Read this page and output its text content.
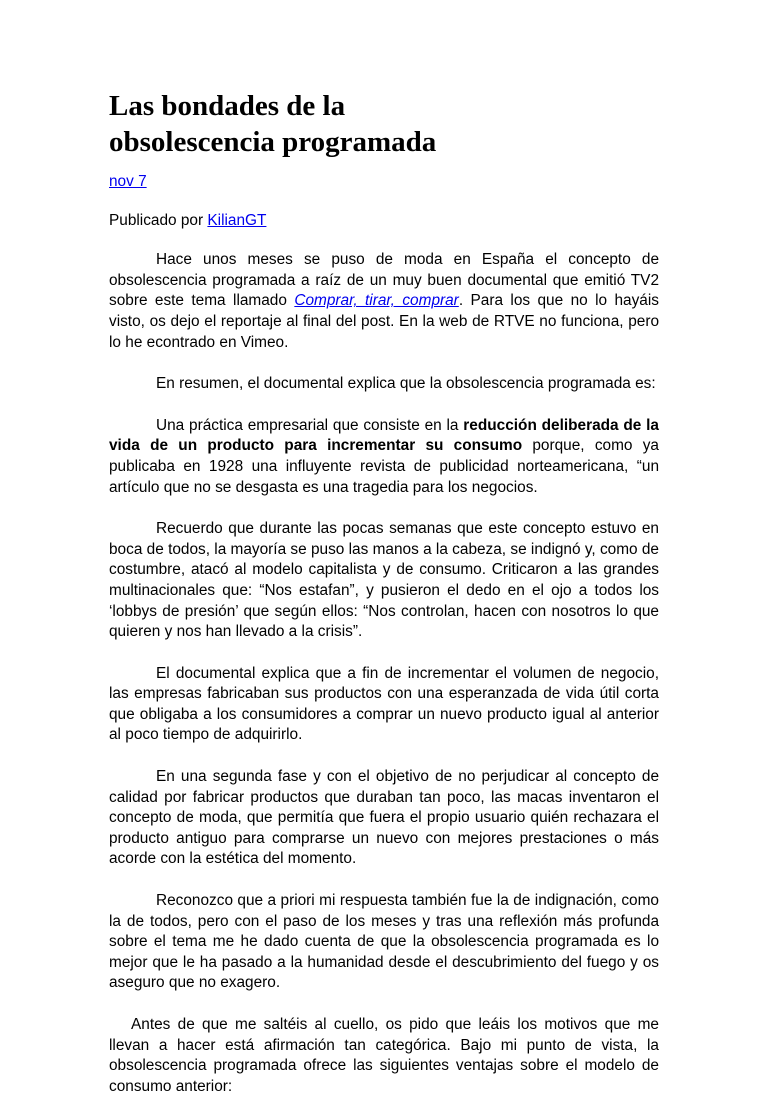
Las bondades de la
obsolescencia programada

nov 7

Publicado por KilianGT

Hace unos meses se puso de moda en España el concepto de obsolescencia programada a raíz de un muy buen documental que emitió TV2 sobre este tema llamado Comprar, tirar, comprar. Para los que no lo hayáis visto, os dejo el reportaje al final del post. En la web de RTVE no funciona, pero lo he econtrado en Vimeo.

En resumen, el documental explica que la obsolescencia programada es:

Una práctica empresarial que consiste en la reducción deliberada de la vida de un producto para incrementar su consumo porque, como ya publicaba en 1928 una influyente revista de publicidad norteamericana, “un artículo que no se desgasta es una tragedia para los negocios.

Recuerdo que durante las pocas semanas que este concepto estuvo en boca de todos, la mayoría se puso las manos a la cabeza, se indignó y, como de costumbre, atacó al modelo capitalista y de consumo. Criticaron a las grandes multinacionales que: “Nos estafan”, y pusieron el dedo en el ojo a todos los ‘lobbys de presión’ que según ellos: “Nos controlan, hacen con nosotros lo que quieren y nos han llevado a la crisis”.

El documental explica que a fin de incrementar el volumen de negocio, las empresas fabricaban sus productos con una esperanzada de vida útil corta que obligaba a los consumidores a comprar un nuevo producto igual al anterior al poco tiempo de adquirirlo.

En una segunda fase y con el objetivo de no perjudicar al concepto de calidad por fabricar productos que duraban tan poco, las macas inventaron el concepto de moda, que permitía que fuera el propio usuario quién rechazara el producto antiguo para comprarse un nuevo con mejores prestaciones o más acorde con la estética del momento.

Reconozco que a priori mi respuesta también fue la de indignación, como la de todos, pero con el paso de los meses y tras una reflexión más profunda sobre el tema me he dado cuenta de que la obsolescencia programada es lo mejor que le ha pasado a la humanidad desde el descubrimiento del fuego y os aseguro que no exagero.

Antes de que me saltéis al cuello, os pido que leáis los motivos que me llevan a hacer está afirmación tan categórica. Bajo mi punto de vista, la obsolescencia programada ofrece las siguientes ventajas sobre el modelo de consumo anterior:
